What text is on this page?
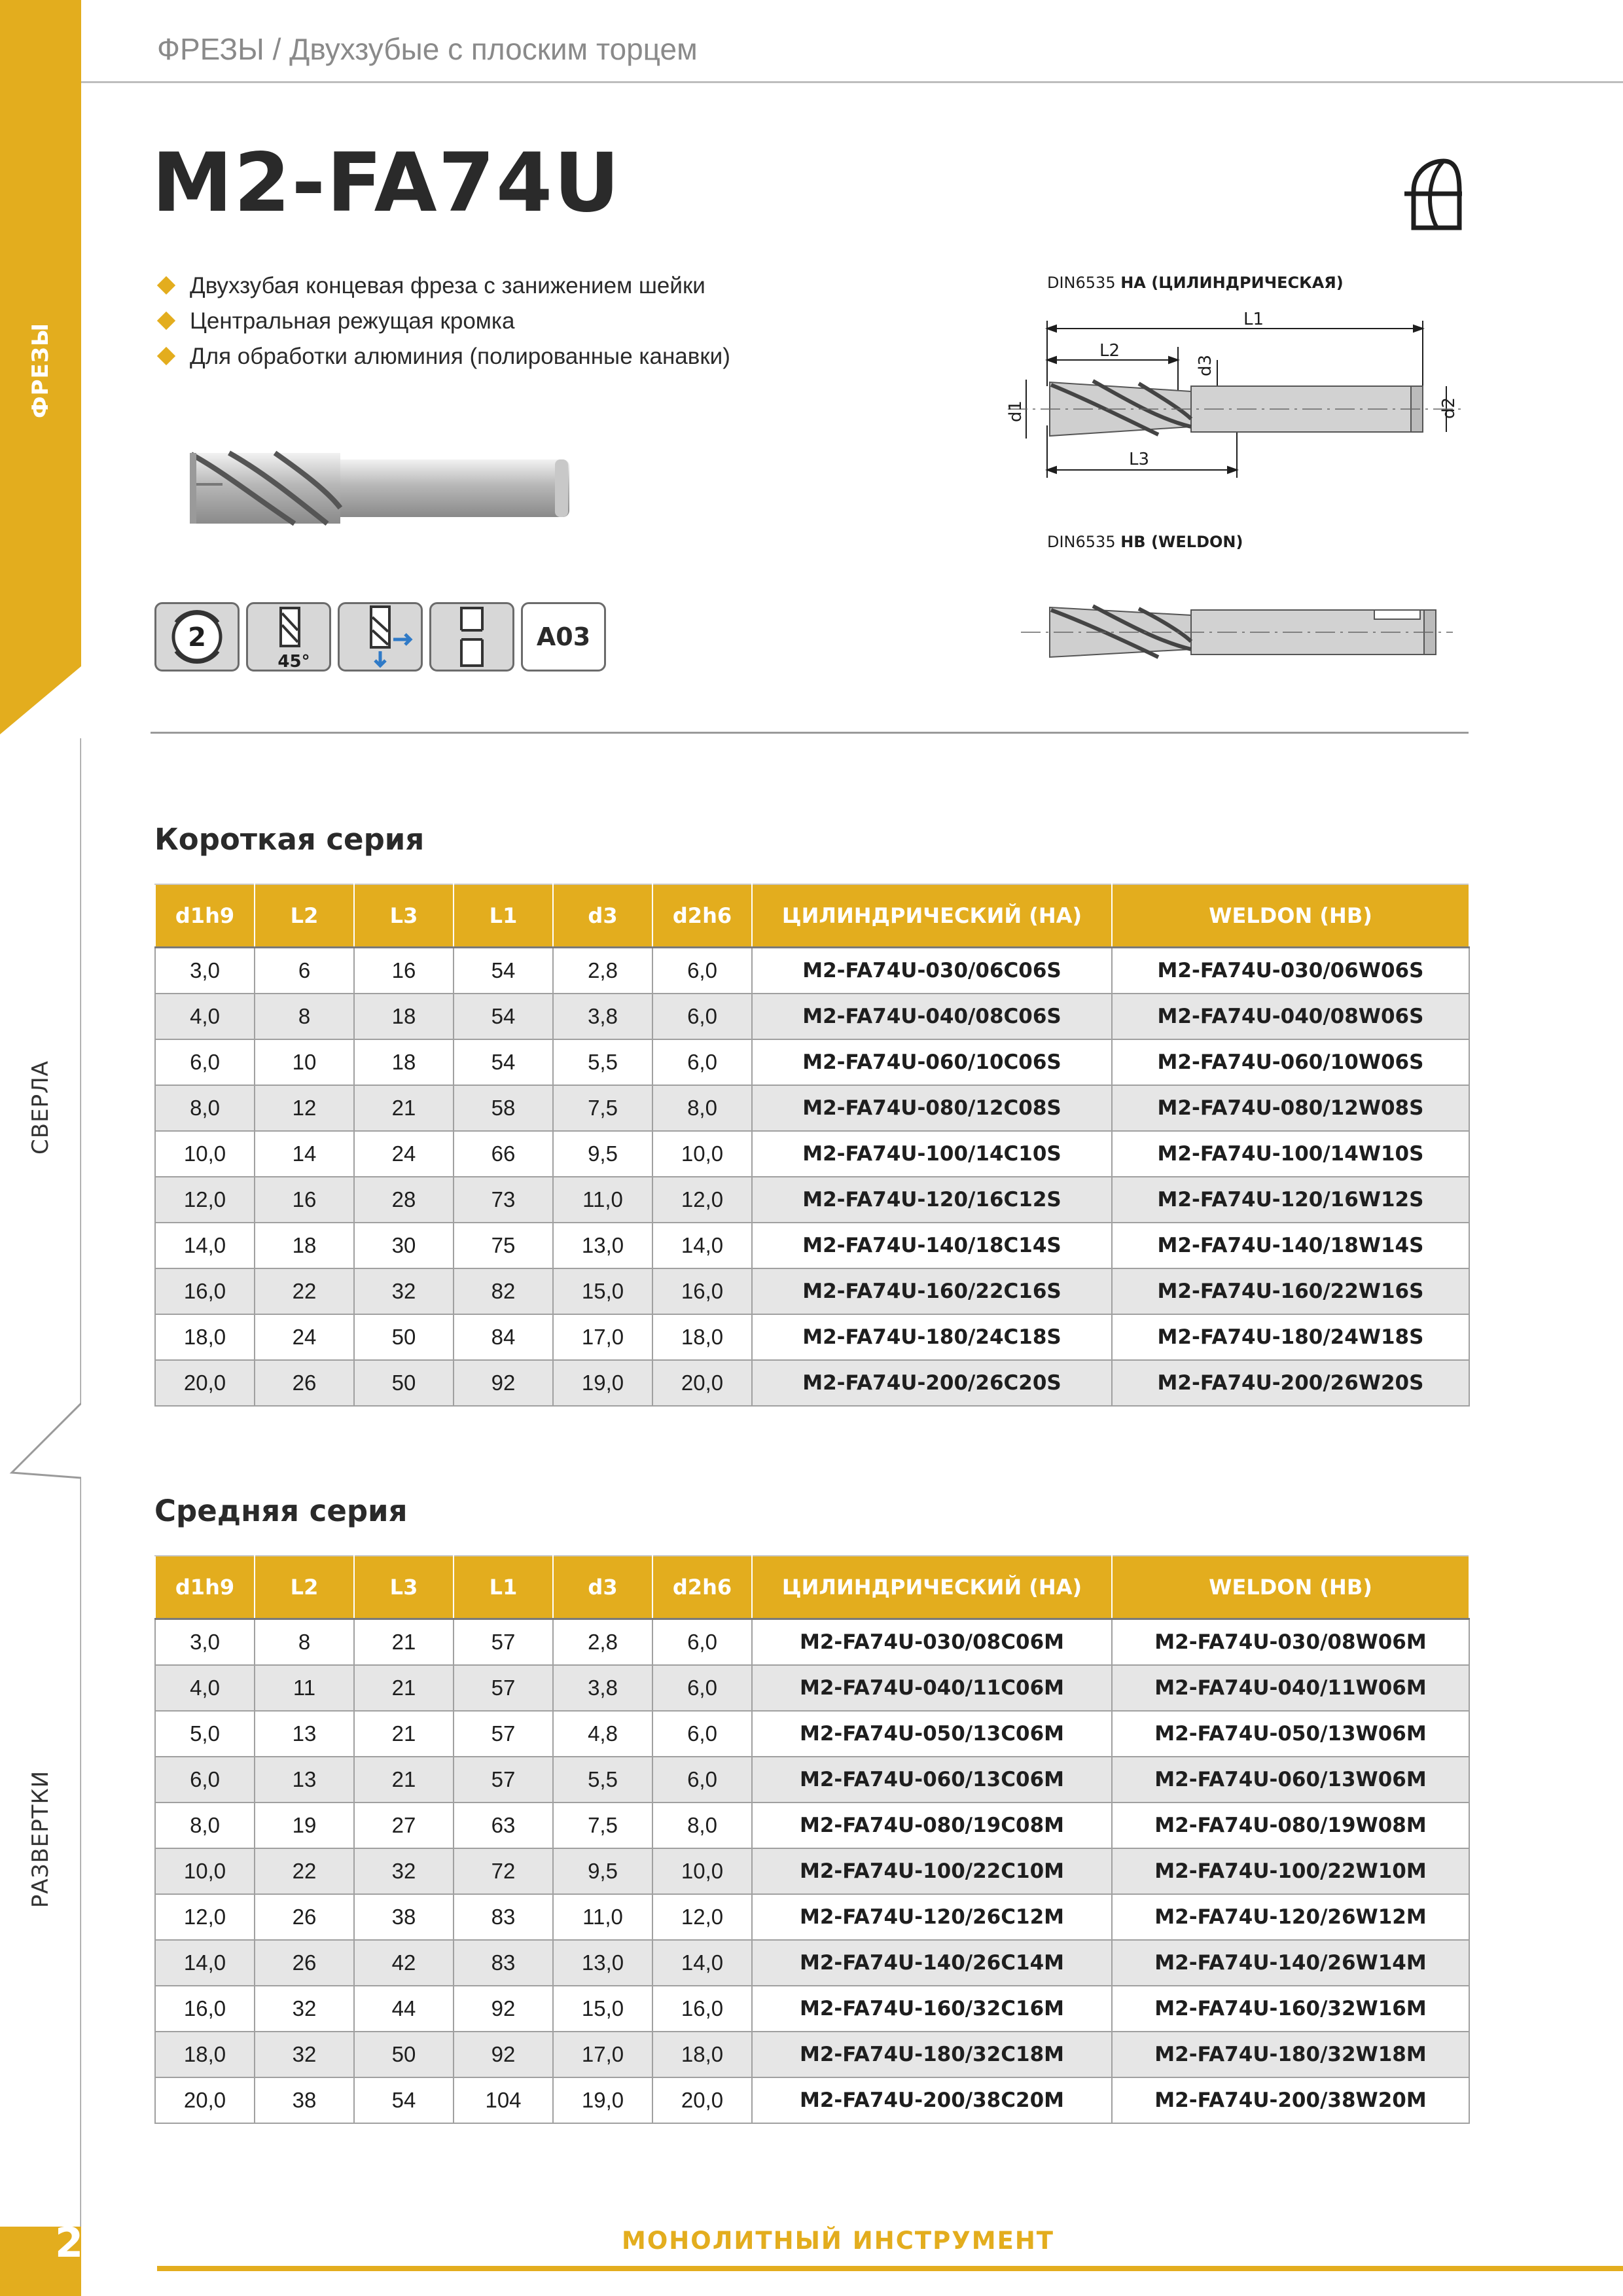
ФРЕЗЫ
СВЕРЛА
РАЗВЕРТКИ
ФРЕЗЫ / Двухзубые с плоским торцем
M2-FA74U
Двухзубая концевая фреза с занижением шейки
Центральная режущая кромка
Для обработки алюминия (полированные канавки)
2
45°
A03
DIN6535 HA (ЦИЛИНДРИЧЕСКАЯ)
L1
L2
L3
d1
d3
d2
DIN6535 HB (WELDON)
Короткая серия
d1h9	L2	L3	L1	d3	d2h6	ЦИЛИНДРИЧЕСКИЙ (HA)	WELDON (HB)
3,0	6	16	54	2,8	6,0	M2-FA74U-030/06C06S	M2-FA74U-030/06W06S
4,0	8	18	54	3,8	6,0	M2-FA74U-040/08C06S	M2-FA74U-040/08W06S
6,0	10	18	54	5,5	6,0	M2-FA74U-060/10C06S	M2-FA74U-060/10W06S
8,0	12	21	58	7,5	8,0	M2-FA74U-080/12C08S	M2-FA74U-080/12W08S
10,0	14	24	66	9,5	10,0	M2-FA74U-100/14C10S	M2-FA74U-100/14W10S
12,0	16	28	73	11,0	12,0	M2-FA74U-120/16C12S	M2-FA74U-120/16W12S
14,0	18	30	75	13,0	14,0	M2-FA74U-140/18C14S	M2-FA74U-140/18W14S
16,0	22	32	82	15,0	16,0	M2-FA74U-160/22C16S	M2-FA74U-160/22W16S
18,0	24	50	84	17,0	18,0	M2-FA74U-180/24C18S	M2-FA74U-180/24W18S
20,0	26	50	92	19,0	20,0	M2-FA74U-200/26C20S	M2-FA74U-200/26W20S
Средняя серия
d1h9	L2	L3	L1	d3	d2h6	ЦИЛИНДРИЧЕСКИЙ (HA)	WELDON (HB)
3,0	8	21	57	2,8	6,0	M2-FA74U-030/08C06M	M2-FA74U-030/08W06M
4,0	11	21	57	3,8	6,0	M2-FA74U-040/11C06M	M2-FA74U-040/11W06M
5,0	13	21	57	4,8	6,0	M2-FA74U-050/13C06M	M2-FA74U-050/13W06M
6,0	13	21	57	5,5	6,0	M2-FA74U-060/13C06M	M2-FA74U-060/13W06M
8,0	19	27	63	7,5	8,0	M2-FA74U-080/19C08M	M2-FA74U-080/19W08M
10,0	22	32	72	9,5	10,0	M2-FA74U-100/22C10M	M2-FA74U-100/22W10M
12,0	26	38	83	11,0	12,0	M2-FA74U-120/26C12M	M2-FA74U-120/26W12M
14,0	26	42	83	13,0	14,0	M2-FA74U-140/26C14M	M2-FA74U-140/26W14M
16,0	32	44	92	15,0	16,0	M2-FA74U-160/32C16M	M2-FA74U-160/32W16M
18,0	32	50	92	17,0	18,0	M2-FA74U-180/32C18M	M2-FA74U-180/32W18M
20,0	38	54	104	19,0	20,0	M2-FA74U-200/38C20M	M2-FA74U-200/38W20M
24	МОНОЛИТНЫЙ ИНСТРУМЕНТ
